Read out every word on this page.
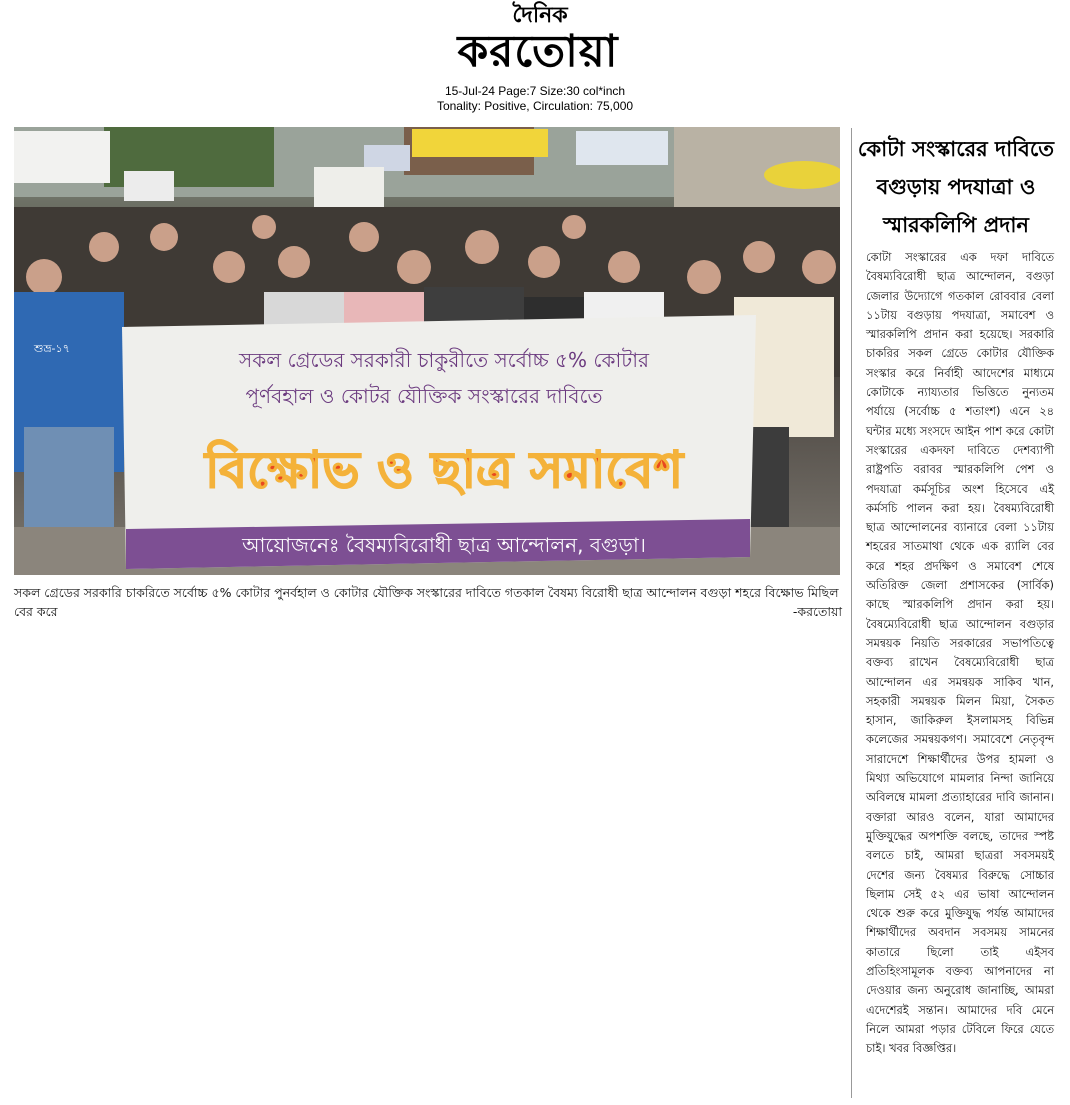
দৈনিক
করতোয়া
15-Jul-24 Page:7 Size:30 col*inch
Tonality: Positive, Circulation: 75,000
শুভ্র-১৭	সকল গ্রেডের সরকারী চাকুরীতে সর্বোচ্চ ৫% কোটার
পূর্ণবহাল ও কোটর যৌক্তিক সংস্কারের দাবিতে
বিক্ষোভ ও ছাত্র সমাবেশ
আয়োজনেঃ বৈষম্যবিরোধী ছাত্র আন্দোলন, বগুড়া।
সকল গ্রেডের সরকারি চাকরিতে সর্বোচ্চ ৫% কোটার পুনর্বহাল ও কোটার যৌক্তিক সংস্কারের দাবিতে গতকাল বৈষম্য বিরোধী ছাত্র আন্দোলন বগুড়া শহরে বিক্ষোভ মিছিল বের করে	-করতোয়া
কোটা সংস্কারের দাবিতে বগুড়ায় পদযাত্রা ও স্মারকলিপি প্রদান
কোটা সংস্কারের এক দফা দাবিতে বৈষম্যবিরোধী ছাত্র আন্দোলন, বগুড়া জেলার উদ্যোগে গতকাল রোববার বেলা ১১টায় বগুড়ায় পদযাত্রা, সমাবেশ ও স্মারকলিপি প্রদান করা হয়েছে। সরকারি চাকরির সকল গ্রেডে কোটার যৌক্তিক সংস্কার করে নির্বাহী আদেশের মাধ্যমে কোটাকে ন্যায্যতার ভিত্তিতে নুন্যতম পর্যায়ে (সর্বোচ্চ ৫ শতাংশ) এনে ২৪ ঘন্টার মধ্যে সংসদে আইন পাশ করে কোটা সংস্কারের একদফা দাবিতে দেশব্যাপী রাষ্ট্রপতি বরাবর স্মারকলিপি পেশ ও পদযাত্রা কর্মসূচির অংশ হিসেবে এই কর্মসচি পালন করা হয়। বৈষম্যবিরোধী ছাত্র আন্দোলনের ব্যানারে বেলা ১১টায় শহরের সাতমাথা থেকে এক র‍্যালি বের করে শহর প্রদক্ষিণ ও সমাবেশ শেষে অতিরিক্ত জেলা প্রশাসকের (সার্বিক) কাছে স্মারকলিপি প্রদান করা হয়। বৈষম্যেবিরোধী ছাত্র আন্দোলন বগুড়ার সমন্বয়ক নিয়তি সরকারের সভাপতিত্বে বক্তব্য রাখেন বৈষম্যেবিরোধী ছাত্র আন্দোলন এর সমন্বয়ক সাকিব খান, সহকারী সমন্বয়ক মিলন মিয়া, সৈকত হাসান, জাকিরুল ইসলামসহ বিভিন্ন কলেজের সমন্বয়কগণ। সমাবেশে নেতৃবৃন্দ সারাদেশে শিক্ষার্থীদের উপর হামলা ও মিথ্যা অভিযোগে মামলার নিন্দা জানিয়ে অবিলম্বে মামলা প্রত্যাহারের দাবি জানান। বক্তারা আরও বলেন, যারা আমাদের মুক্তিযুদ্ধের অপশক্তি বলছে, তাদের স্পষ্ট বলতে চাই, আমরা ছাত্ররা সবসময়ই দেশের জন্য বৈষম্যর বিরুদ্ধে সোচ্চার ছিলাম সেই ৫২ এর ভাষা আন্দোলন থেকে শুরু করে মুক্তিযুদ্ধ পর্যন্ত আমাদের শিক্ষার্থীদের অবদান সবসময় সামনের কাতারে ছিলো তাই এইসব প্রতিহিংসামূলক বক্তব্য আপনাদের না দেওয়ার জন্য অনুরোধ জানাচ্ছি, আমরা এদেশেরই সন্তান। আমাদের দবি মেনে নিলে আমরা পড়ার টেবিলে ফিরে যেতে চাই। খবর বিজ্ঞপ্তির।
